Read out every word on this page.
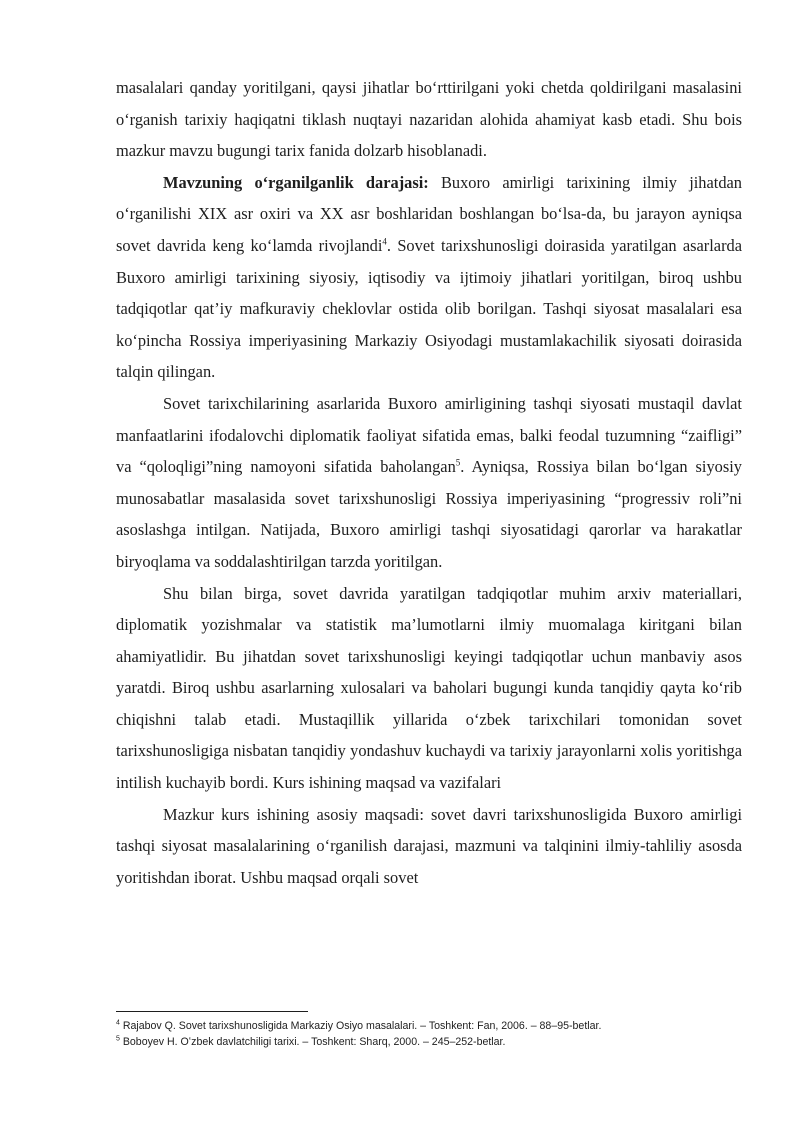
masalalari qanday yoritilgani, qaysi jihatlar boʻrttirilgani yoki chetda qoldirilgani masalasini oʻrganish tarixiy haqiqatni tiklash nuqtayi nazaridan alohida ahamiyat kasb etadi. Shu bois mazkur mavzu bugungi tarix fanida dolzarb hisoblanadi.

Mavzuning oʻrganilganlik darajasi: Buxoro amirligi tarixining ilmiy jihatdan oʻrganilishi XIX asr oxiri va XX asr boshlaridan boshlangan boʻlsa-da, bu jarayon ayniqsa sovet davrida keng koʻlamda rivojlandi$^4$. Sovet tarixshunosligi doirasida yaratilgan asarlarda Buxoro amirligi tarixining siyosiy, iqtisodiy va ijtimoiy jihatlari yoritilgan, biroq ushbu tadqiqotlar qat’iy mafkuraviy cheklovlar ostida olib borilgan. Tashqi siyosat masalalari esa koʻpincha Rossiya imperiyasining Markaziy Osiyodagi mustamlakachilik siyosati doirasida talqin qilingan.

Sovet tarixchilarining asarlarida Buxoro amirligining tashqi siyosati mustaqil davlat manfaatlarini ifodalovchi diplomatik faoliyat sifatida emas, balki feodal tuzumning “zaifligi” va “qoloqligi”ning namoyoni sifatida baholangan$^5$. Ayniqsa, Rossiya bilan boʻlgan siyosiy munosabatlar masalasida sovet tarixshunosligi Rossiya imperiyasining “progressiv roli”ni asoslashga intilgan. Natijada, Buxoro amirligi tashqi siyosatidagi qarorlar va harakatlar biryoqlama va soddalashtirilgan tarzda yoritilgan.

Shu bilan birga, sovet davrida yaratilgan tadqiqotlar muhim arxiv materiallari, diplomatik yozishmalar va statistik ma’lumotlarni ilmiy muomalaga kiritgani bilan ahamiyatlidir. Bu jihatdan sovet tarixshunosligi keyingi tadqiqotlar uchun manbaviy asos yaratdi. Biroq ushbu asarlarning xulosalari va baholari bugungi kunda tanqidiy qayta koʻrib chiqishni talab etadi. Mustaqillik yillarida oʻzbek tarixchilari tomonidan sovet tarixshunosligiga nisbatan tanqidiy yondashuv kuchaydi va tarixiy jarayonlarni xolis yoritishga intilish kuchayib bordi. Kurs ishining maqsad va vazifalari

Mazkur kurs ishining asosiy maqsadi: sovet davri tarixshunosligida Buxoro amirligi tashqi siyosat masalalarining oʻrganilish darajasi, mazmuni va talqinini ilmiy-tahliliy asosda yoritishdan iborat. Ushbu maqsad orqali sovet

$^4$ Rajabov Q. Sovet tarixshunosligida Markaziy Osiyo masalalari. – Toshkent: Fan, 2006. – 88–95-betlar.

$^5$ Boboyev H. Oʻzbek davlatchiligi tarixi. – Toshkent: Sharq, 2000. – 245–252-betlar.
